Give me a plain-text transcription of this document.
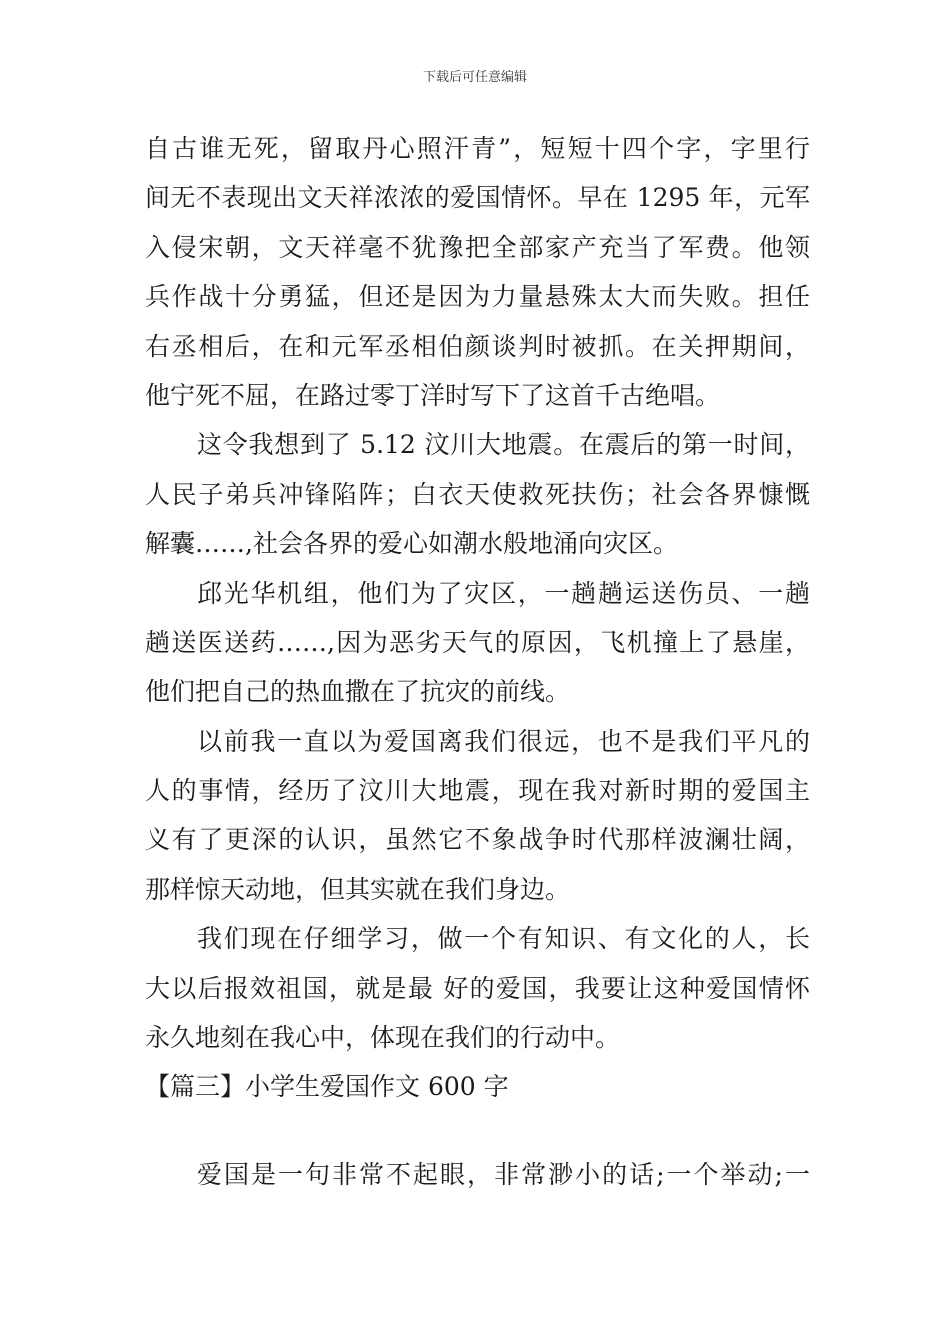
下载后可任意编辑
自古谁无死，留取丹心照汗青”，短短十四个字，字里行
间无不表现出文天祥浓浓的爱国情怀。早在 1295 年，元军
入侵宋朝，文天祥毫不犹豫把全部家产充当了军费。他领
兵作战十分勇猛，但还是因为力量悬殊太大而失败。担任
右丞相后，在和元军丞相伯颜谈判时被抓。在关押期间，
他宁死不屈，在路过零丁洋时写下了这首千古绝唱。
这令我想到了 5.12 汶川大地震。在震后的第一时间，
人民子弟兵冲锋陷阵；白衣天使救死扶伤；社会各界慷慨
解囊……,社会各界的爱心如潮水般地涌向灾区。
邱光华机组，他们为了灾区，一趟趟运送伤员、一趟
趟送医送药……,因为恶劣天气的原因，飞机撞上了悬崖，
他们把自己的热血撒在了抗灾的前线。
以前我一直以为爱国离我们很远，也不是我们平凡的
人的事情，经历了汶川大地震，现在我对新时期的爱国主
义有了更深的认识，虽然它不象战争时代那样波澜壮阔，
那样惊天动地，但其实就在我们身边。
我们现在仔细学习，做一个有知识、有文化的人，长
大以后报效祖国，就是最 好的爱国，我要让这种爱国情怀
永久地刻在我心中，体现在我们的行动中。
【篇三】小学生爱国作文 600 字
爱国是一句非常不起眼，非常渺小的话;一个举动;一
